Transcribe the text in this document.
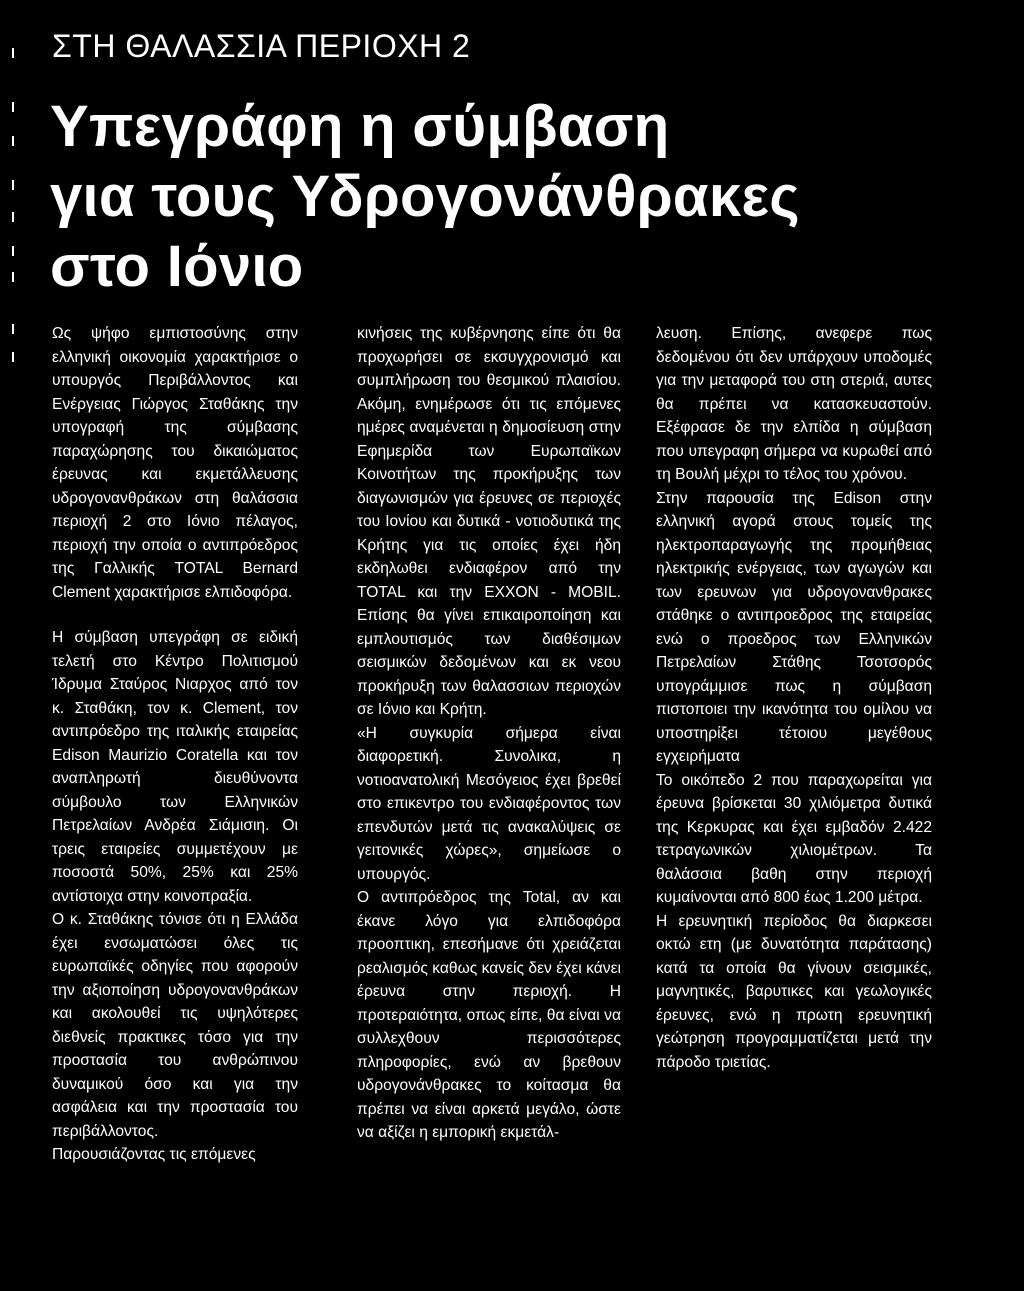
ΣΤΗ ΘΑΛΑΣΣΙΑ ΠΕΡΙΟΧΗ 2
Υπεγράφη η σύμβαση
για τους Υδρογονάνθρακες
στο Ιόνιο

Ως ψήφο εμπιστοσύνης στην ελληνική οικονομία χαρακτήρισε ο υπουργός Περιβάλλοντος και Ενέργειας Γιώργος Σταθάκης την υπογραφή της σύμβασης παραχώρησης του δικαιώματος έρευνας και εκμετάλλευσης υδρογονανθράκων στη θαλάσσια περιοχή 2 στο Ιόνιο πέλαγος, περιοχή την οποία ο αντιπρόεδρος της Γαλλικής TOTAL Bernard Clement χαρακτήρισε ελπιδοφόρα.

Η σύμβαση υπεγράφη σε ειδική τελετή στο Κέντρο Πολιτισμού Ίδρυμα Σταύρος Νιαρχος από τον κ. Σταθάκη, τον κ. Clement, τον αντιπρόεδρο της ιταλικής εταιρείας Edison Maurizio Coratella και τον αναπληρωτή διευθύνοντα σύμβουλο των Ελληνικών Πετρελαίων Ανδρέα Σιάμισιη. Οι τρεις εταιρείες συμμετέχουν με ποσοστά 50%, 25% και 25% αντίστοιχα στην κοινοπραξία.

Ο κ. Σταθάκης τόνισε ότι η Ελλάδα έχει ενσωματώσει όλες τις ευρωπαϊκές οδηγίες που αφορούν την αξιοποίηση υδρογονανθράκων και ακολουθεί τις υψηλότερες διεθνείς πρακτικες τόσο για την προστασία του ανθρώπινου δυναμικού όσο και για την ασφάλεια και την προστασία του περιβάλλοντος.

Παρουσιάζοντας τις επόμενες

κινήσεις της κυβέρνησης είπε ότι θα προχωρήσει σε εκσυγχρονισμό και συμπλήρωση του θεσμικού πλαισίου. Ακόμη, ενημέρωσε ότι τις επόμενες ημέρες αναμένεται η δημοσίευση στην Εφημερίδα των Ευρωπαϊκων Κοινοτήτων της προκήρυξης των διαγωνισμών για έρευνες σε περιοχές του Ιονίου και δυτικά - νοτιοδυτικά της Κρήτης για τις οποίες έχει ήδη εκδηλωθει ενδιαφέρον από την TOTAL και την EXXON - MOBIL. Επίσης θα γίνει επικαιροποίηση και εμπλουτισμός των διαθέσιμων σεισμικών δεδομένων και εκ νεου προκήρυξη των θαλασσιων περιοχών σε Ιόνιο και Κρήτη.

«Η συγκυρία σήμερα είναι διαφορετική. Συνολικα, η νοτιοανατολική Μεσόγειος έχει βρεθεί στο επικεντρο του ενδιαφέροντος των επενδυτών μετά τις ανακαλύψεις σε γειτονικές χώρες», σημείωσε ο υπουργός.

Ο αντιπρόεδρος της Total, αν και έκανε λόγο για ελπιδοφόρα προοπτικη, επεσήμανε ότι χρειάζεται ρεαλισμός καθως κανείς δεν έχει κάνει έρευνα στην περιοχή. Η προτεραιότητα, οπως είπε, θα είναι να συλλεχθουν περισσότερες πληροφορίες, ενώ αν βρεθουν υδρογονάνθρακες το κοίτασμα θα πρέπει να είναι αρκετά μεγάλο, ώστε να αξίζει η εμπορική εκμετάλ-

λευση. Επίσης, ανεφερε πως δεδομένου ότι δεν υπάρχουν υποδομές για την μεταφορά του στη στεριά, αυτες θα πρέπει να κατασκευαστούν. Εξέφρασε δε την ελπίδα η σύμβαση που υπεγραφη σήμερα να κυρωθεί από τη Βουλή μέχρι το τέλος του χρόνου.

Στην παρουσία της Edison στην ελληνική αγορά στους τομείς της ηλεκτροπαραγωγής της προμήθειας ηλεκτρικής ενέργειας, των αγωγών και των ερευνων για υδρογονανθρακες στάθηκε ο αντιπροεδρος της εταιρείας ενώ ο προεδρος των Ελληνικών Πετρελαίων Στάθης Τσοτσορός υπογράμμισε πως η σύμβαση πιστοποιει την ικανότητα του ομίλου να υποστηρίξει τέτοιου μεγέθους εγχειρήματα

Το οικόπεδο 2 που παραχωρείται για έρευνα βρίσκεται 30 χιλιόμετρα δυτικά της Κερκυρας και έχει εμβαδόν 2.422 τετραγωνικών χιλιομέτρων. Τα θαλάσσια βαθη στην περιοχή κυμαίνονται από 800 έως 1.200 μέτρα.

Η ερευνητική περίοδος θα διαρκεσει οκτώ ετη (με δυνατότητα παράτασης) κατά τα οποία θα γίνουν σεισμικές, μαγνητικές, βαρυτικες και γεωλογικές έρευνες, ενώ η πρωτη ερευνητική γεώτρηση προγραμματίζεται μετά την πάροδο τριετίας.
